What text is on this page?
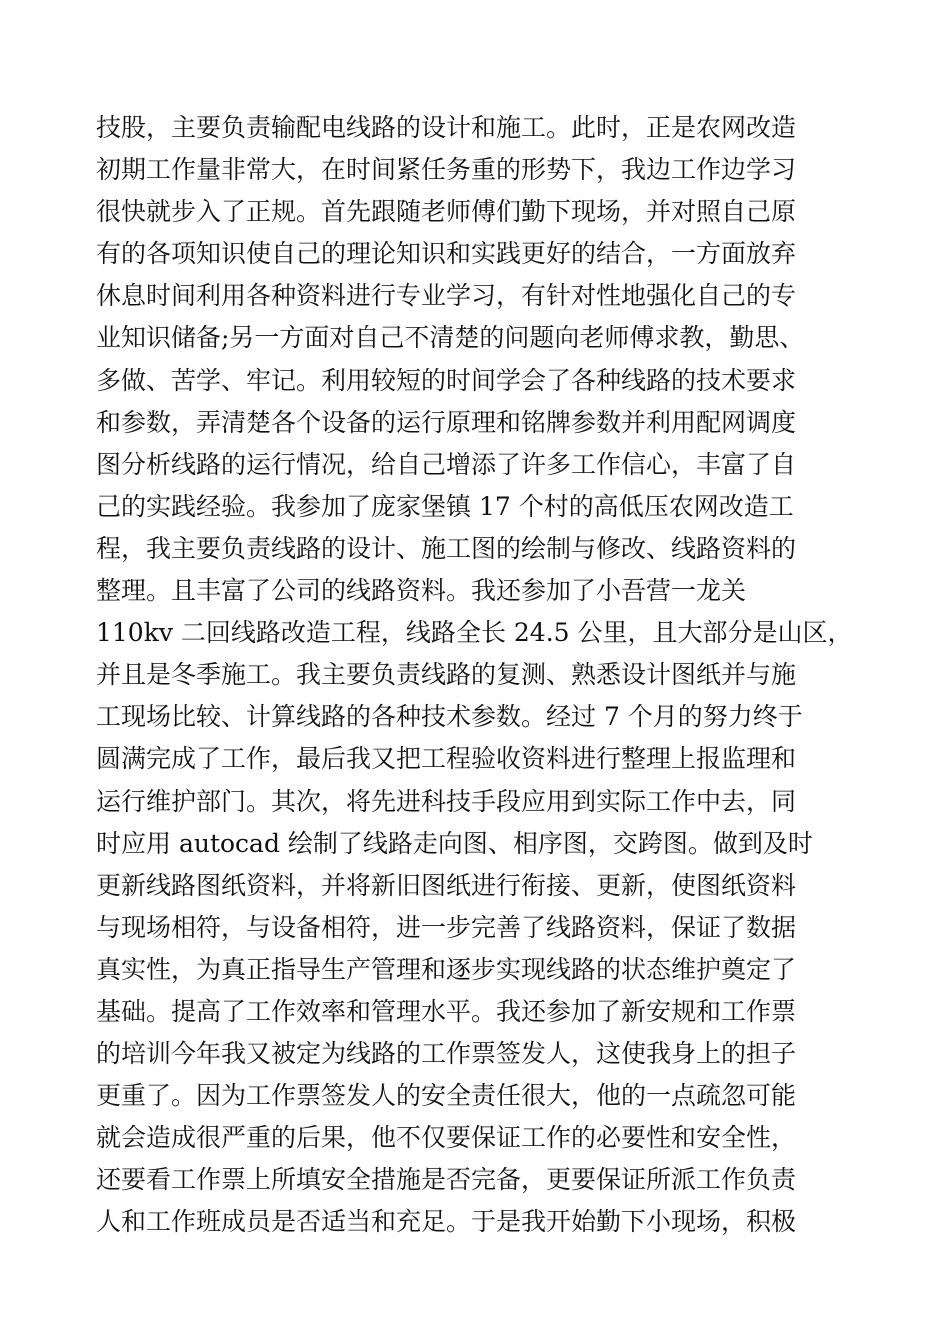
技股，主要负责输配电线路的设计和施工。此时，正是农网改造
初期工作量非常大，在时间紧任务重的形势下，我边工作边学习
很快就步入了正规。首先跟随老师傅们勤下现场，并对照自己原
有的各项知识使自己的理论知识和实践更好的结合，一方面放弃
休息时间利用各种资料进行专业学习，有针对性地强化自己的专
业知识储备;另一方面对自己不清楚的问题向老师傅求教，勤思、
多做、苦学、牢记。利用较短的时间学会了各种线路的技术要求
和参数，弄清楚各个设备的运行原理和铭牌参数并利用配网调度
图分析线路的运行情况，给自己增添了许多工作信心，丰富了自
己的实践经验。我参加了庞家堡镇 17 个村的高低压农网改造工
程，我主要负责线路的设计、施工图的绘制与修改、线路资料的
整理。且丰富了公司的线路资料。我还参加了小吾营一龙关
110kv 二回线路改造工程，线路全长 24.5 公里，且大部分是山区，
并且是冬季施工。我主要负责线路的复测、熟悉设计图纸并与施
工现场比较、计算线路的各种技术参数。经过 7 个月的努力终于
圆满完成了工作，最后我又把工程验收资料进行整理上报监理和
运行维护部门。其次，将先进科技手段应用到实际工作中去，同
时应用 autocad 绘制了线路走向图、相序图，交跨图。做到及时
更新线路图纸资料，并将新旧图纸进行衔接、更新，使图纸资料
与现场相符，与设备相符，进一步完善了线路资料，保证了数据
真实性，为真正指导生产管理和逐步实现线路的状态维护奠定了
基础。提高了工作效率和管理水平。我还参加了新安规和工作票
的培训今年我又被定为线路的工作票签发人，这使我身上的担子
更重了。因为工作票签发人的安全责任很大，他的一点疏忽可能
就会造成很严重的后果，他不仅要保证工作的必要性和安全性，
还要看工作票上所填安全措施是否完备，更要保证所派工作负责
人和工作班成员是否适当和充足。于是我开始勤下小现场，积极
